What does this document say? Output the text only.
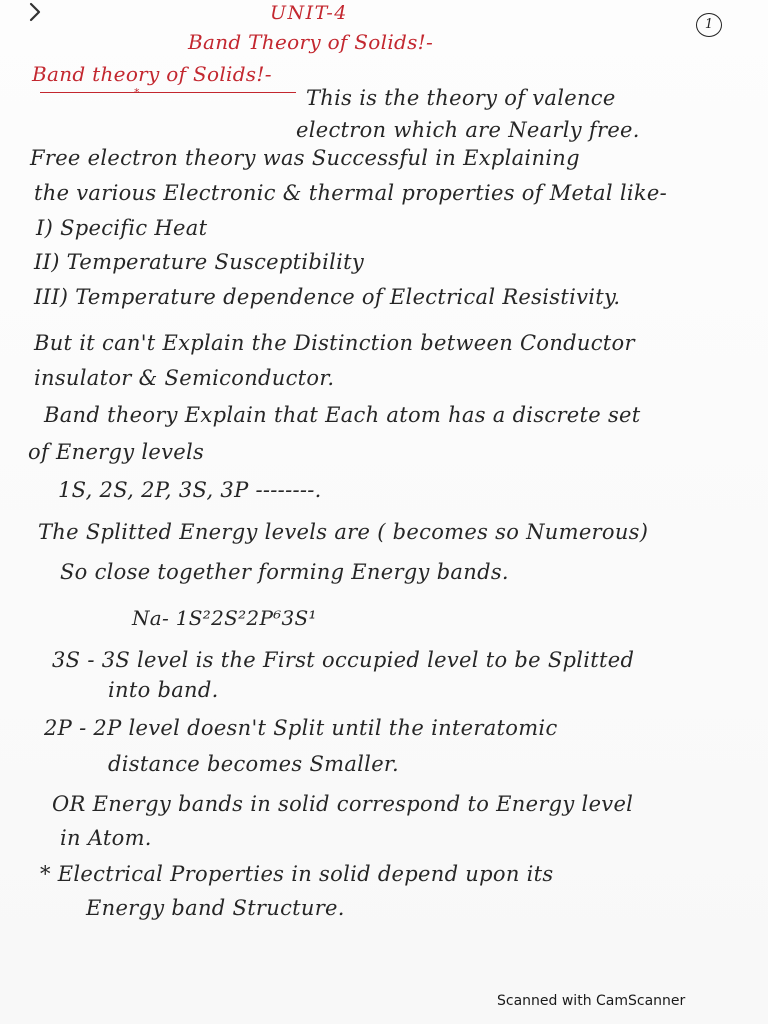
1
UNIT-4
Band Theory of Solids!-
Band theory of Solids!-
*	This is the theory of valence
electron which are Nearly free.
Free electron theory was Successful in Explaining
the various Electronic & thermal properties of Metal like-
I) Specific Heat
II) Temperature Susceptibility
III) Temperature dependence of Electrical Resistivity.
But it can't Explain the Distinction between Conductor
insulator & Semiconductor.
Band theory Explain that Each atom has a discrete set
of Energy levels
1S, 2S, 2P, 3S, 3P --------.
The Splitted Energy levels are ( becomes so Numerous)
So close together forming Energy bands.
Na- 1S²2S²2P⁶3S¹
3S - 3S level is the First occupied level to be Splitted
into band.
2P - 2P level doesn't Split until the interatomic
distance becomes Smaller.
OR Energy bands in solid correspond to Energy level
in Atom.
* Electrical Properties in solid depend upon its
Energy band Structure.
Scanned with CamScanner
